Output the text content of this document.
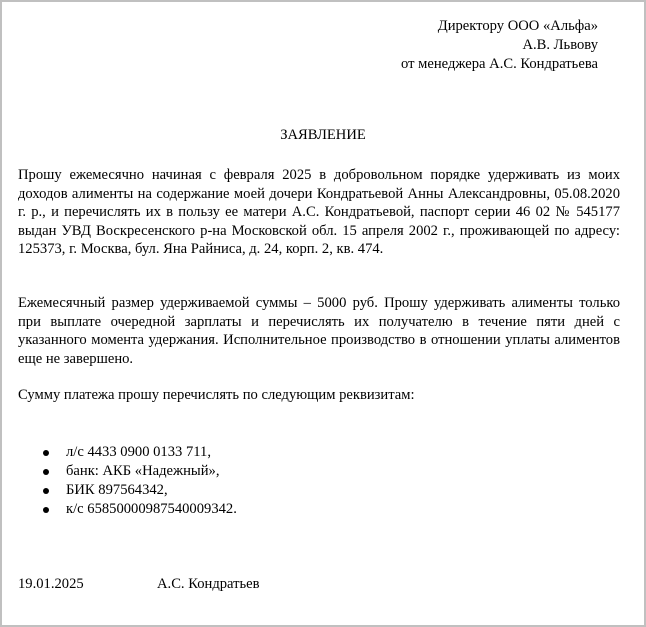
Директору ООО «Альфа»
А.В. Львову
от менеджера А.С. Кондратьева
ЗАЯВЛЕНИЕ
Прошу ежемесячно начиная с февраля 2025 в добровольном порядке удерживать из моих доходов алименты на содержание моей дочери Кондратьевой Анны Александровны, 05.08.2020 г. р., и перечислять их в пользу ее матери А.С. Кондратьевой, паспорт серии 46 02 № 545177 выдан УВД Воскресенского р-на Московской обл. 15 апреля 2002 г., проживающей по адресу: 125373, г. Москва, бул. Яна Райниса, д. 24, корп. 2, кв. 474.
Ежемесячный размер удерживаемой суммы – 5000 руб. Прошу удерживать алименты только при выплате очередной зарплаты и перечислять их получателю в течение пяти дней с указанного момента удержания. Исполнительное производство в отношении уплаты алиментов еще не завершено.
Сумму платежа прошу перечислять по следующим реквизитам:
л/с 4433 0900 0133 711,
банк: АКБ «Надежный»,
БИК 897564342,
к/с 65850000987540009342.
19.01.2025	А.С. Кондратьев
